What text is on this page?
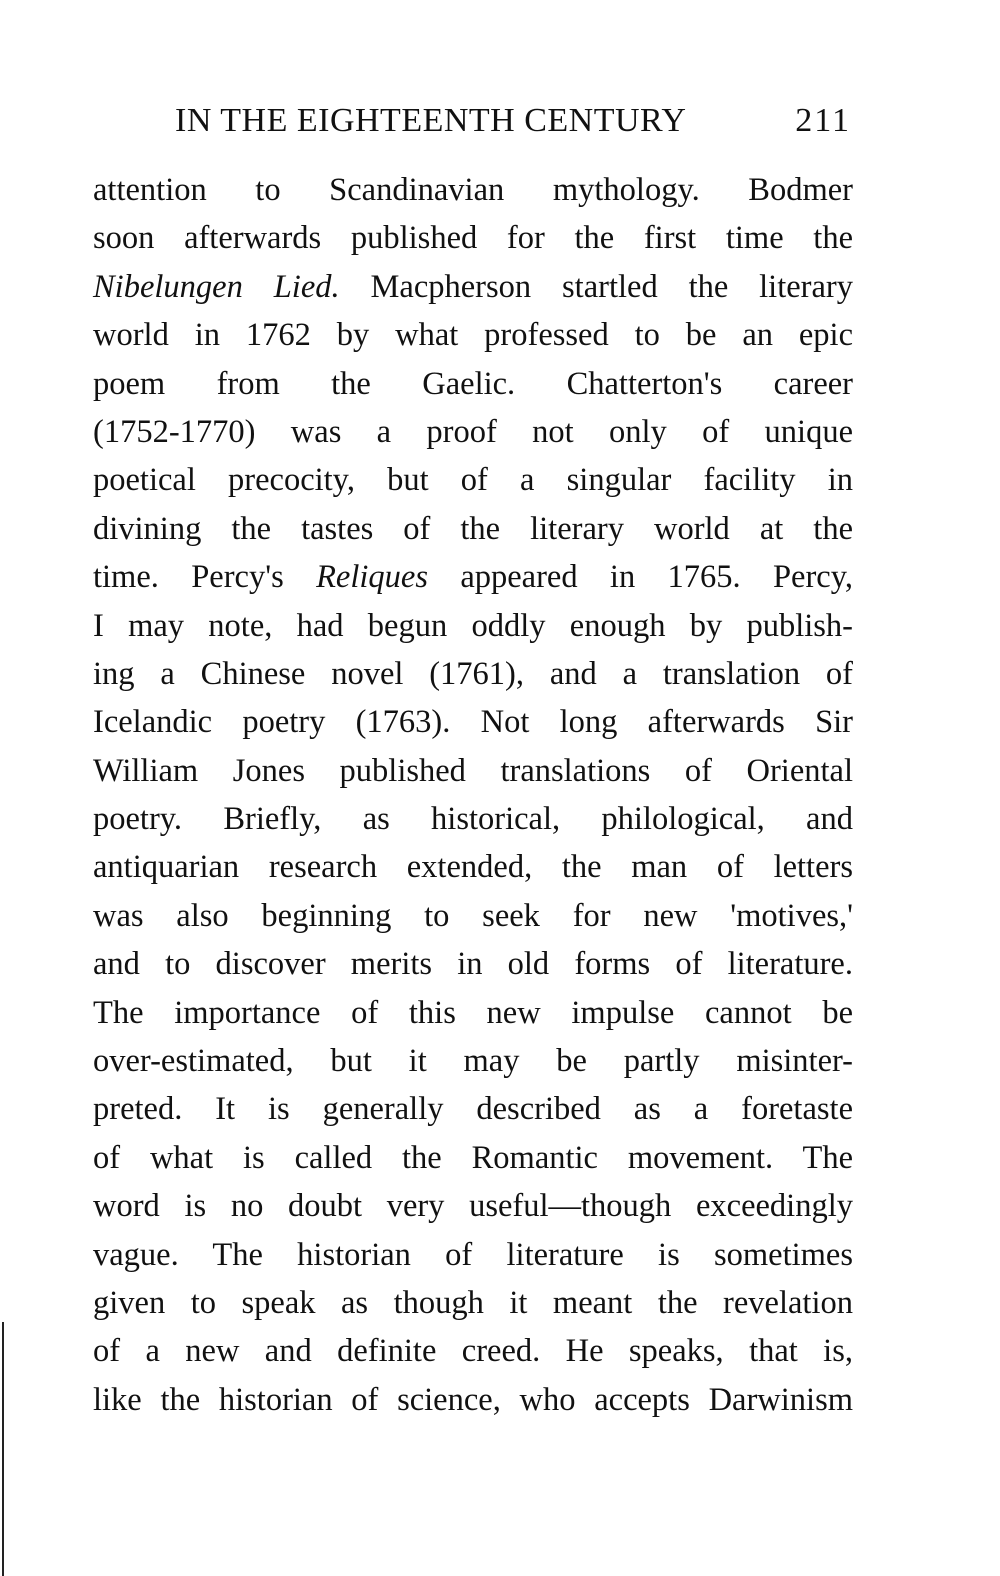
IN THE EIGHTEENTH CENTURY	211
attention to Scandinavian mythology. Bodmer
soon afterwards published for the first time the
Nibelungen Lied. Macpherson startled the literary
world in 1762 by what professed to be an epic
poem from the Gaelic. Chatterton's career
(1752-1770) was a proof not only of unique
poetical precocity, but of a singular facility in
divining the tastes of the literary world at the
time. Percy's Reliques appeared in 1765. Percy,
I may note, had begun oddly enough by publish-
ing a Chinese novel (1761), and a translation of
Icelandic poetry (1763). Not long afterwards Sir
William Jones published translations of Oriental
poetry. Briefly, as historical, philological, and
antiquarian research extended, the man of letters
was also beginning to seek for new 'motives,'
and to discover merits in old forms of literature.
The importance of this new impulse cannot be
over-estimated, but it may be partly misinter-
preted. It is generally described as a foretaste
of what is called the Romantic movement. The
word is no doubt very useful—though exceedingly
vague. The historian of literature is sometimes
given to speak as though it meant the revelation
of a new and definite creed. He speaks, that is,
like the historian of science, who accepts Darwinism
